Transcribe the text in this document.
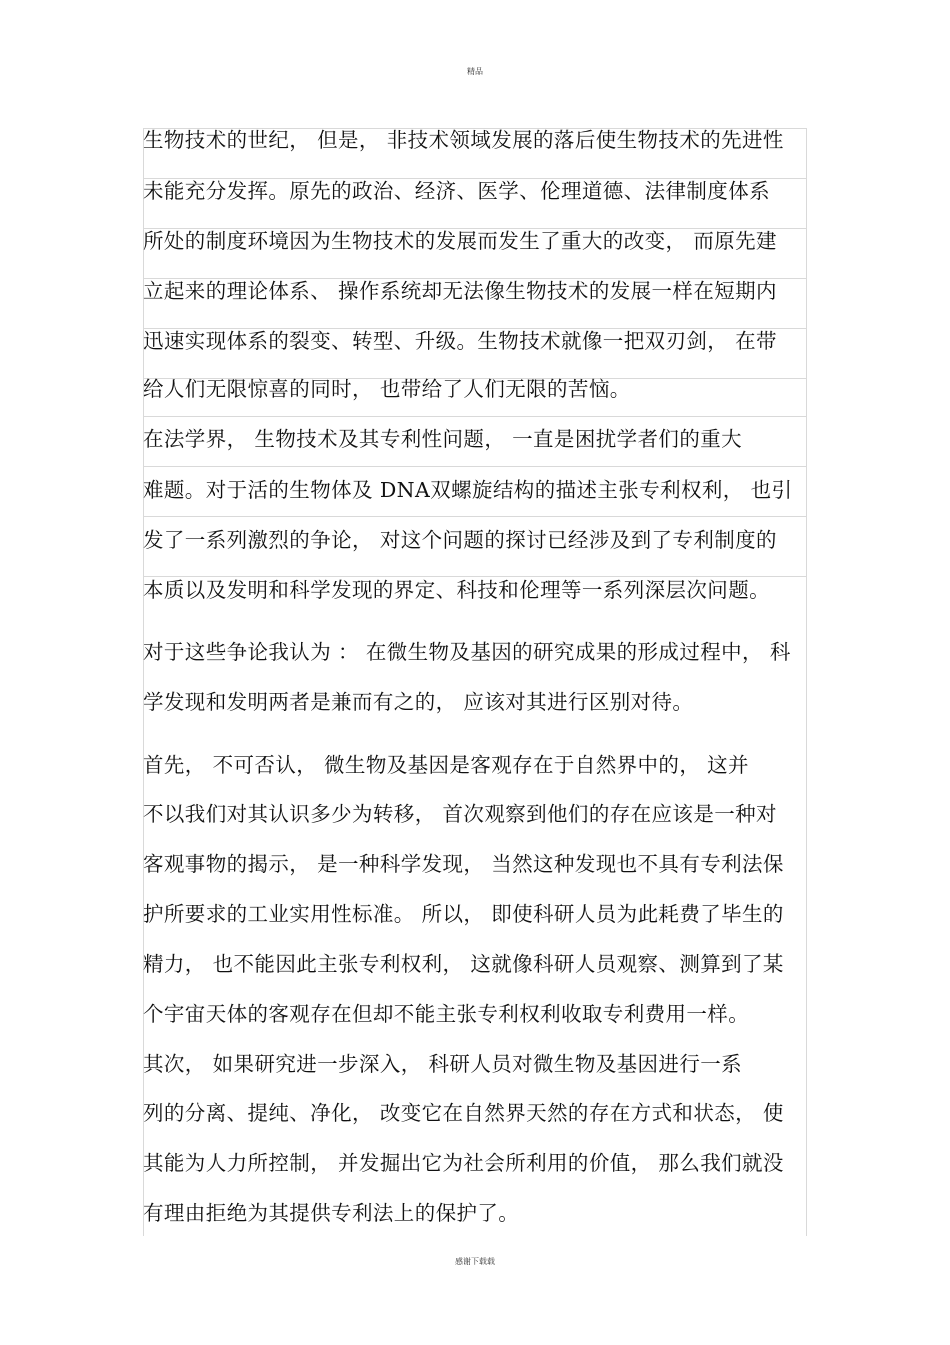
精品
生物技术的世纪， 但是， 非技术领域发展的落后使生物技术的先进性
未能充分发挥。原先的政治、经济、医学、伦理道德、法律制度体系
所处的制度环境因为生物技术的发展而发生了重大的改变， 而原先建
立起来的理论体系、 操作系统却无法像生物技术的发展一样在短期内
迅速实现体系的裂变、转型、升级。生物技术就像一把双刃剑， 在带
给人们无限惊喜的同时， 也带给了人们无限的苦恼。
在法学界， 生物技术及其专利性问题， 一直是困扰学者们的重大
难题。对于活的生物体及 DNA双螺旋结构的描述主张专利权利， 也引
发了一系列激烈的争论， 对这个问题的探讨已经涉及到了专利制度的
本质以及发明和科学发现的界定、科技和伦理等一系列深层次问题。
对于这些争论我认为 ： 在微生物及基因的研究成果的形成过程中， 科
学发现和发明两者是兼而有之的， 应该对其进行区别对待。
首先， 不可否认， 微生物及基因是客观存在于自然界中的， 这并
不以我们对其认识多少为转移， 首次观察到他们的存在应该是一种对
客观事物的揭示， 是一种科学发现， 当然这种发现也不具有专利法保
护所要求的工业实用性标准。 所以， 即使科研人员为此耗费了毕生的
精力， 也不能因此主张专利权利， 这就像科研人员观察、测算到了某
个宇宙天体的客观存在但却不能主张专利权利收取专利费用一样。
其次， 如果研究进一步深入， 科研人员对微生物及基因进行一系
列的分离、提纯、净化， 改变它在自然界天然的存在方式和状态， 使
其能为人力所控制， 并发掘出它为社会所利用的价值， 那么我们就没
有理由拒绝为其提供专利法上的保护了。
感谢下载载
